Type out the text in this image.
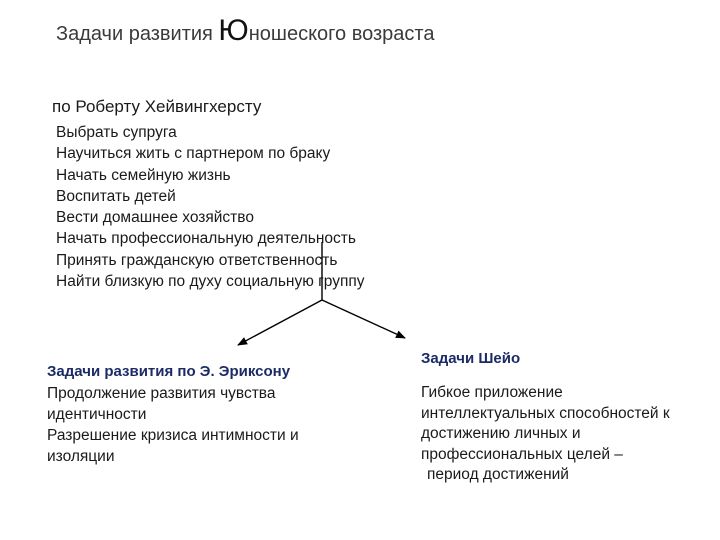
Задачи развития Юношеского возраста
по Роберту Хейвингхерсту
Выбрать супруга
Научиться жить с партнером по браку
Начать семейную жизнь
Воспитать детей
Вести домашнее хозяйство
Начать профессиональную деятельность
Принять гражданскую ответственность
Найти близкую по духу социальную группу
Задачи развития по Э. Эриксону
Продолжение развития чувства
идентичности
Разрешение кризиса интимности и
изоляции
Задачи Шейо
Гибкое приложение
интеллектуальных способностей к
достижению личных и
профессиональных целей –
период достижений
